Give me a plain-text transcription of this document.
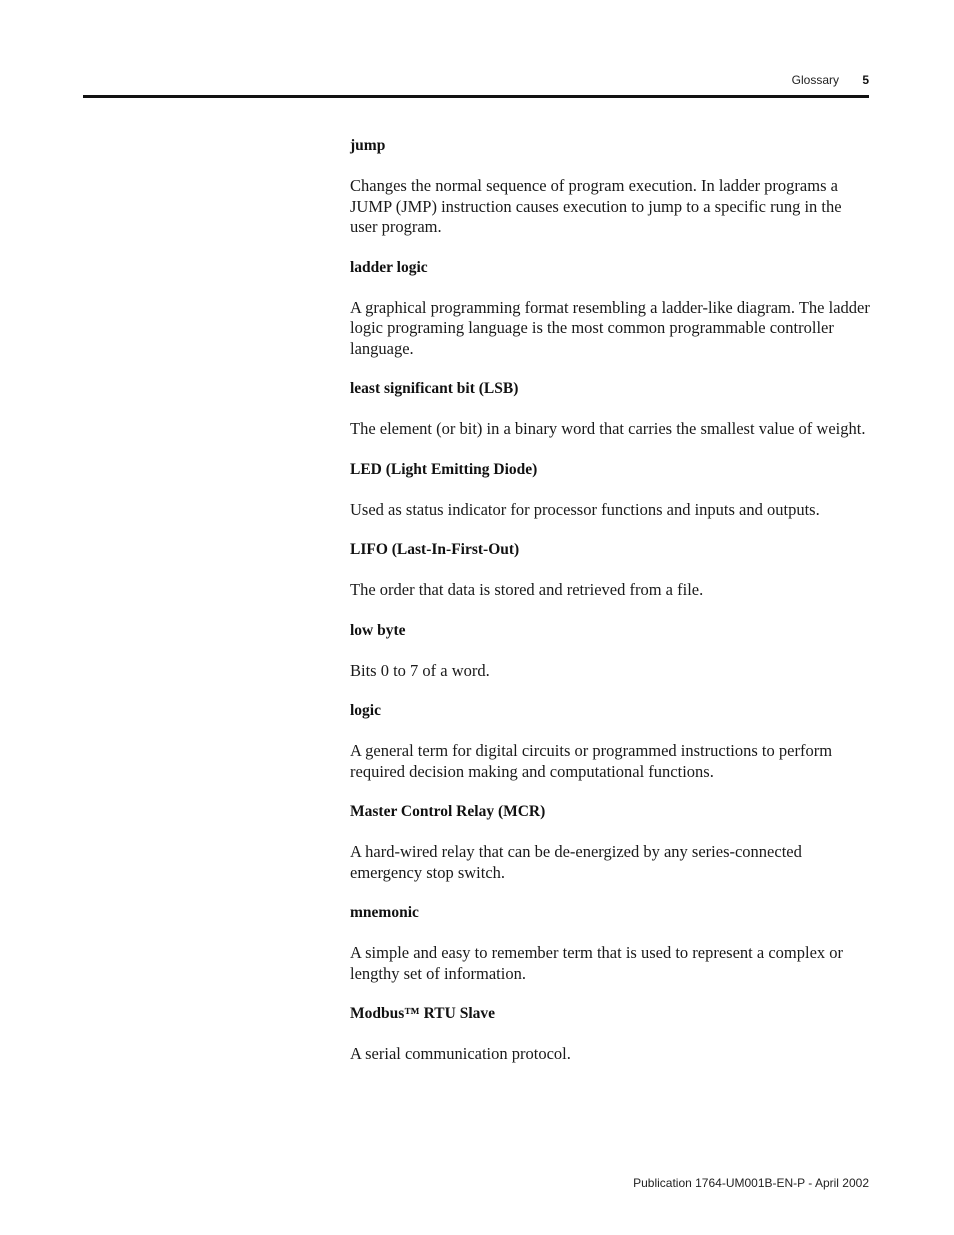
Glossary 5
jump
Changes the normal sequence of program execution. In ladder programs a JUMP (JMP) instruction causes execution to jump to a specific rung in the user program.
ladder logic
A graphical programming format resembling a ladder-like diagram. The ladder logic programing language is the most common programmable controller language.
least significant bit (LSB)
The element (or bit) in a binary word that carries the smallest value of weight.
LED (Light Emitting Diode)
Used as status indicator for processor functions and inputs and outputs.
LIFO (Last-In-First-Out)
The order that data is stored and retrieved from a file.
low byte
Bits 0 to 7 of a word.
logic
A general term for digital circuits or programmed instructions to perform required decision making and computational functions.
Master Control Relay (MCR)
A hard-wired relay that can be de-energized by any series-connected emergency stop switch.
mnemonic
A simple and easy to remember term that is used to represent a complex or lengthy set of information.
Modbus™ RTU Slave
A serial communication protocol.
Publication 1764-UM001B-EN-P - April 2002
